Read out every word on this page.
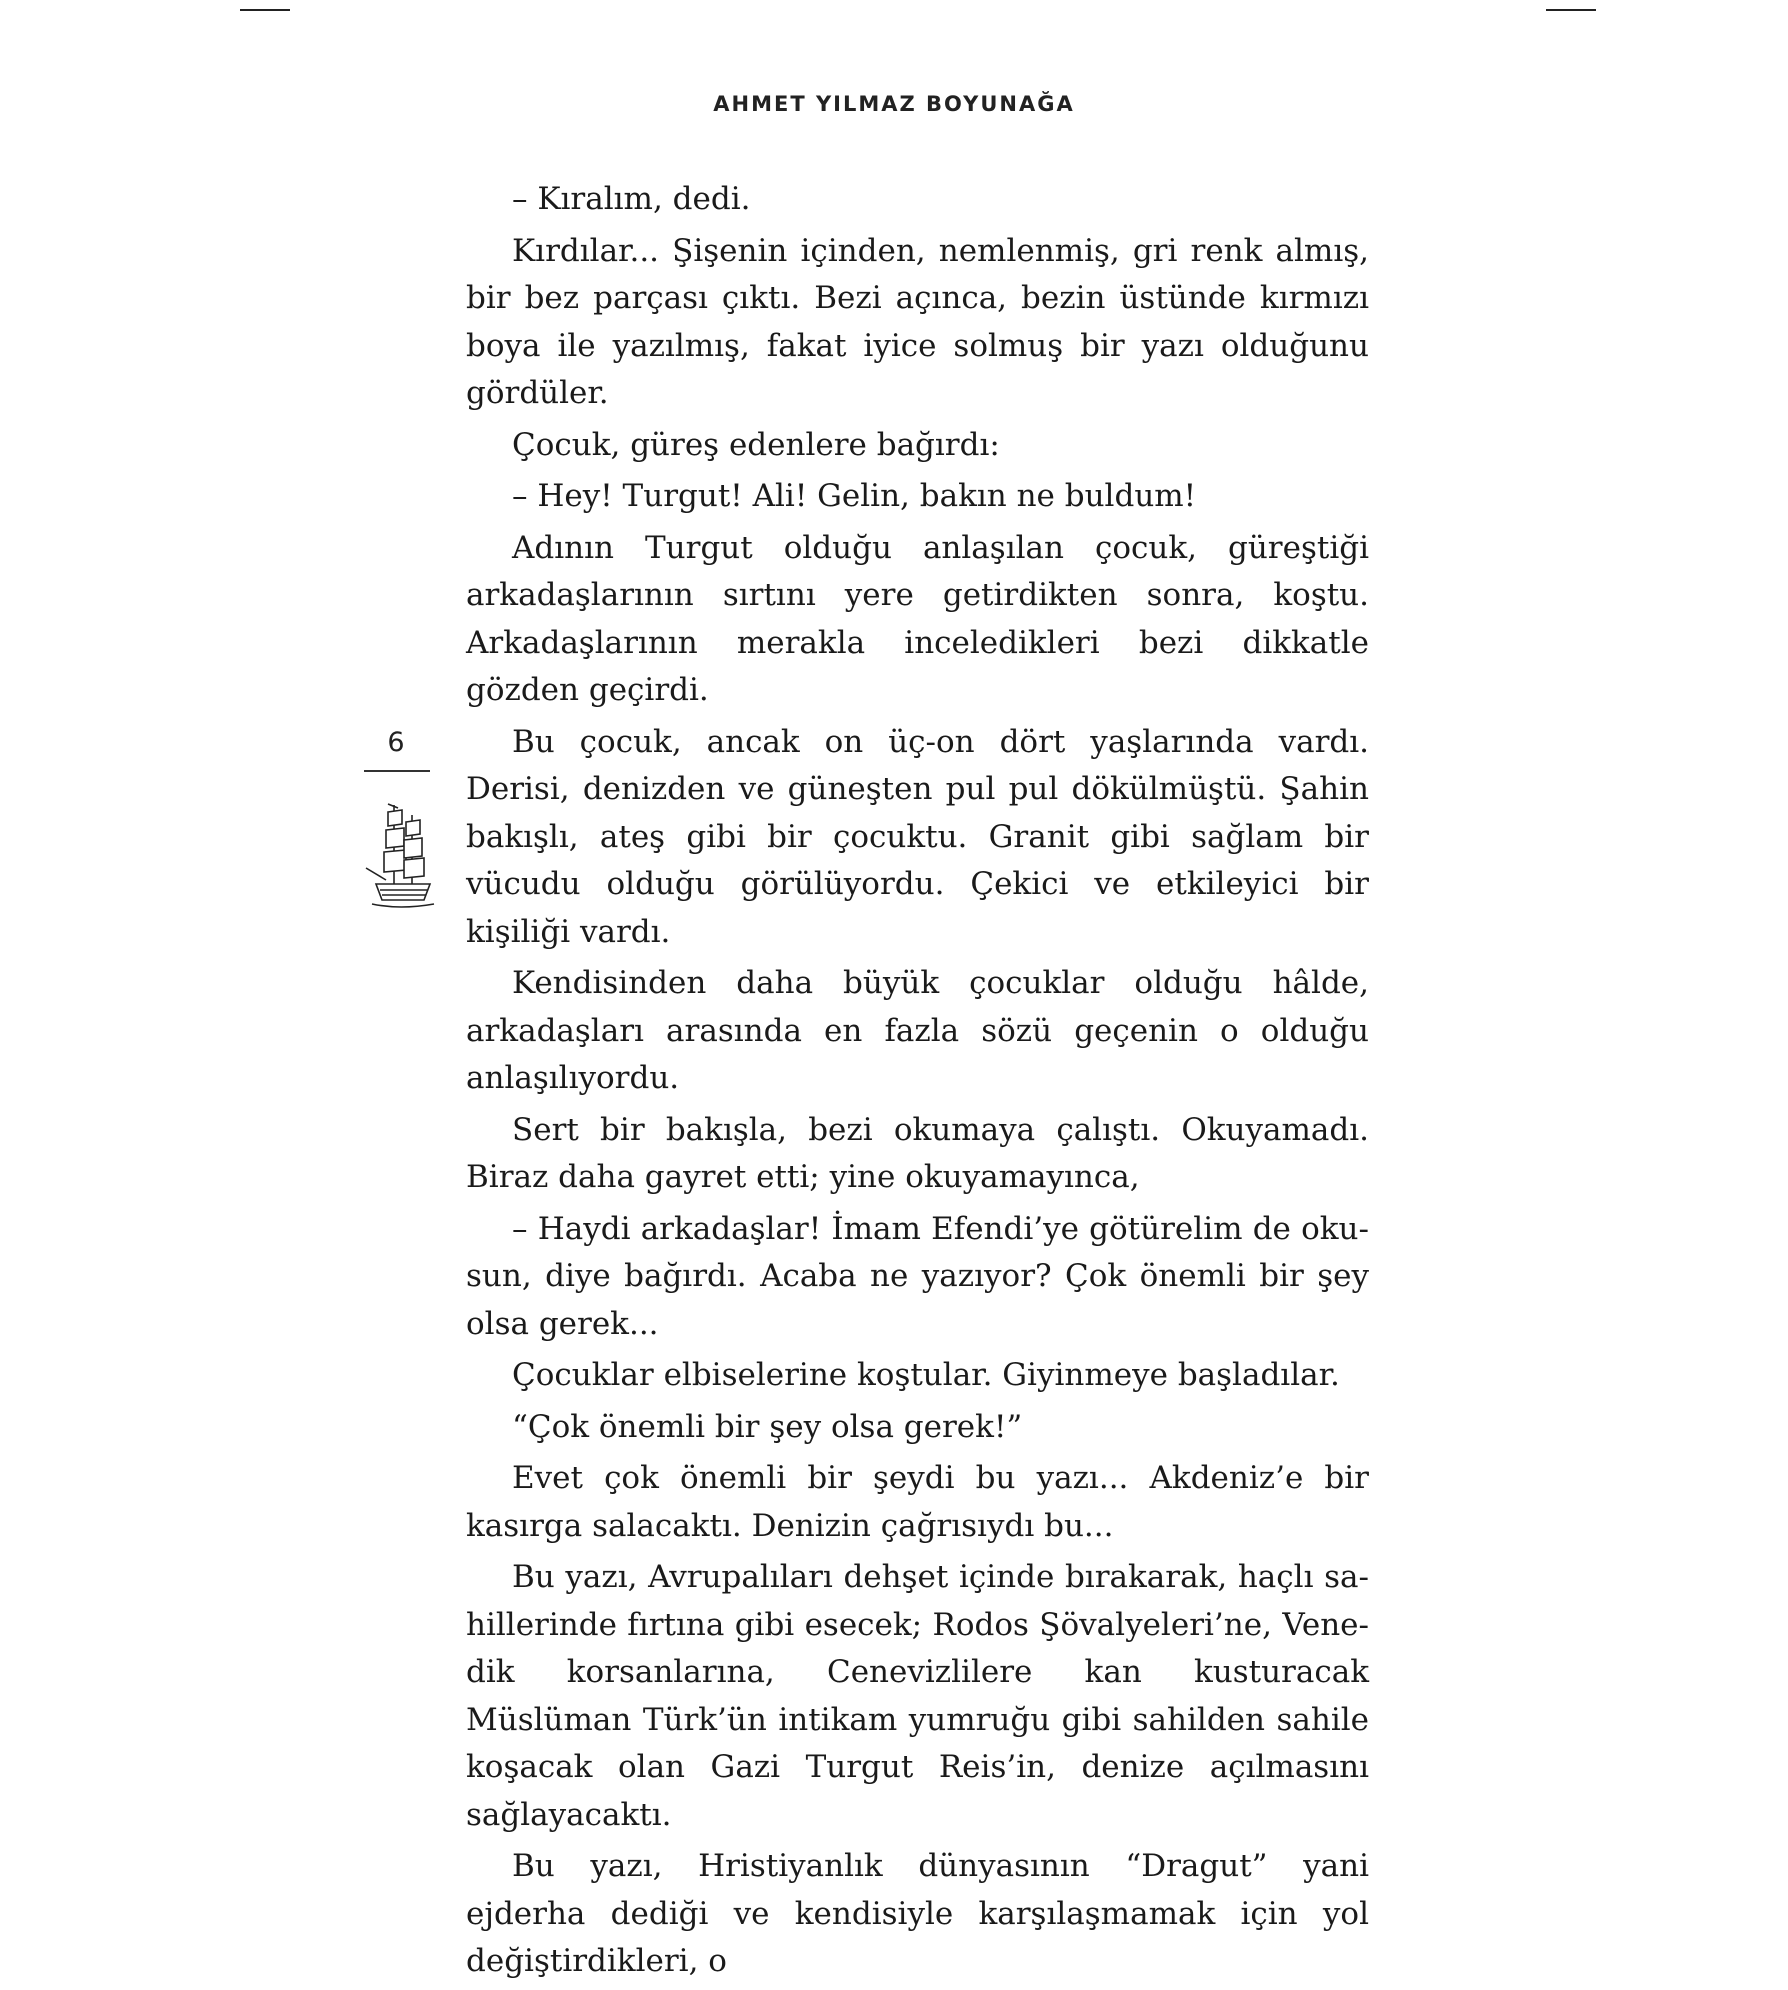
AHMET YILMAZ BOYUNAĞA
6

– Kıralım, dedi.

Kırdılar... Şişenin içinden, nemlenmiş, gri renk almış, bir bez parçası çıktı. Bezi açınca, bezin üstünde kırmızı boya ile yazılmış, fakat iyice solmuş bir yazı olduğunu gördüler.

Çocuk, güreş edenlere bağırdı:

– Hey! Turgut! Ali! Gelin, bakın ne buldum!

Adının Turgut olduğu anlaşılan çocuk, güreştiği arkadaşlarının sırtını yere getirdikten sonra, koştu. Arkadaşlarının merakla inceledikleri bezi dikkatle gözden geçirdi.

Bu çocuk, ancak on üç-on dört yaşlarında vardı. Derisi, denizden ve güneşten pul pul dökülmüştü. Şahin bakışlı, ateş gibi bir çocuktu. Granit gibi sağlam bir vücudu olduğu görülüyordu. Çekici ve etkileyici bir kişiliği vardı.

Kendisinden daha büyük çocuklar olduğu hâlde, arkadaşları arasında en fazla sözü geçenin o olduğu anlaşılıyordu.

Sert bir bakışla, bezi okumaya çalıştı. Okuyamadı. Biraz daha gayret etti; yine okuyamayınca,

– Haydi arkadaşlar! İmam Efendi’ye götürelim de okusun, diye bağırdı. Acaba ne yazıyor? Çok önemli bir şey olsa gerek...

Çocuklar elbiselerine koştular. Giyinmeye başladılar.

“Çok önemli bir şey olsa gerek!”

Evet çok önemli bir şeydi bu yazı... Akdeniz’e bir kasırga salacaktı. Denizin çağrısıydı bu...

Bu yazı, Avrupalıları dehşet içinde bırakarak, haçlı sahillerinde fırtına gibi esecek; Rodos Şövalyeleri’ne, Venedik korsanlarına, Cenevizlilere kan kusturacak Müslüman Türk’ün intikam yumruğu gibi sahilden sahile koşacak olan Gazi Turgut Reis’in, denize açılmasını sağlayacaktı.

Bu yazı, Hristiyanlık dünyasının “Dragut” yani ejderha dediği ve kendisiyle karşılaşmamak için yol değiştirdikleri, o
